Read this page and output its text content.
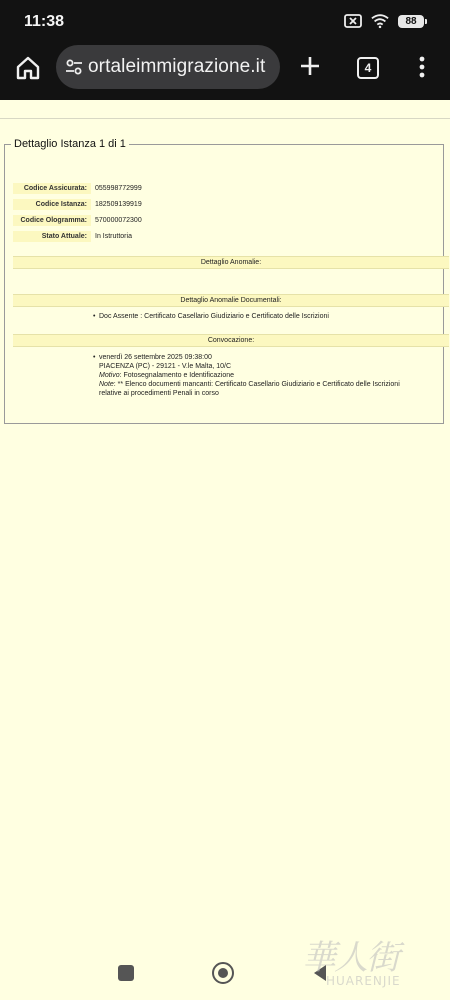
11:38	88
ortaleimmigrazione.it	4
Dettaglio Istanza 1 di 1
Codice Assicurata:	055998772999
Codice Istanza:	182509139919
Codice Ologramma:	570000072300
Stato Attuale:	In Istruttoria
Dettaglio Anomalie:
Dettaglio Anomalie Documentali:
• Doc Assente : Certificato Casellario Giudiziario e Certificato delle Iscrizioni
Convocazione:
• venerdì 26 settembre 2025 09:38:00
PIACENZA (PC) - 29121 - V.le Malta, 10/C
Motivo: Fotosegnalamento e Identificazione
Note: ** Elenco documenti mancanti: Certificato Casellario Giudiziario e Certificato delle Iscrizioni
relative ai procedimenti Penali in corso
華人街
HUARENJIE
